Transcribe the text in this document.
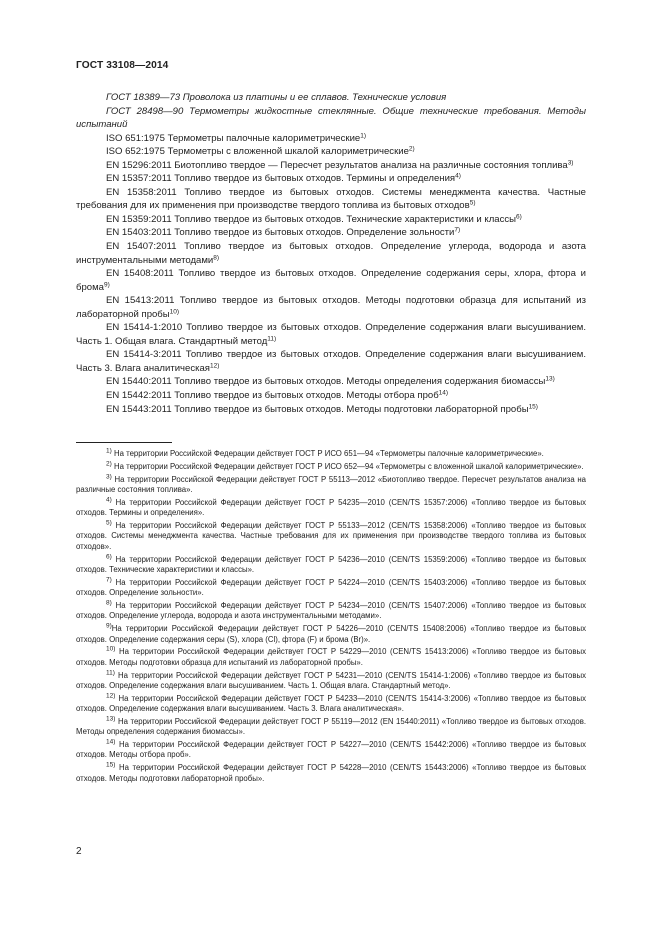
ГОСТ 33108—2014

ГОСТ 18389—73 Проволока из платины и ее сплавов. Технические условия

ГОСТ 28498—90 Термометры жидкостные стеклянные. Общие технические требования. Методы испытаний

ISO 651:1975 Термометры палочные калориметрические$^{1)}$

ISO 652:1975 Термометры с вложенной шкалой калориметрические$^{2)}$

EN 15296:2011 Биотопливо твердое — Пересчет результатов анализа на различные состояния топлива$^{3)}$

EN 15357:2011 Топливо твердое из бытовых отходов. Термины и определения$^{4)}$

EN 15358:2011 Топливо твердое из бытовых отходов. Системы менеджмента качества. Частные требования для их применения при производстве твердого топлива из бытовых отходов$^{5)}$

EN 15359:2011 Топливо твердое из бытовых отходов. Технические характеристики и классы$^{6)}$

EN 15403:2011 Топливо твердое из бытовых отходов. Определение зольности$^{7)}$

EN 15407:2011 Топливо твердое из бытовых отходов. Определение углерода, водорода и азота инструментальными методами$^{8)}$

EN 15408:2011 Топливо твердое из бытовых отходов. Определение содержания серы, хлора, фтора и брома$^{9)}$

EN 15413:2011 Топливо твердое из бытовых отходов. Методы подготовки образца для испытаний из лабораторной пробы$^{10)}$

EN 15414-1:2010 Топливо твердое из бытовых отходов. Определение содержания влаги высушиванием. Часть 1. Общая влага. Стандартный метод$^{11)}$

EN 15414-3:2011 Топливо твердое из бытовых отходов. Определение содержания влаги высушиванием. Часть 3. Влага аналитическая$^{12)}$

EN 15440:2011 Топливо твердое из бытовых отходов. Методы определения содержания биомассы$^{13)}$

EN 15442:2011 Топливо твердое из бытовых отходов. Методы отбора проб$^{14)}$

EN 15443:2011 Топливо твердое из бытовых отходов. Методы подготовки лабораторной пробы$^{15)}$

$^{1)}$ На территории Российской Федерации действует ГОСТ Р ИСО 651—94 «Термометры палочные калориметрические».

$^{2)}$ На территории Российской Федерации действует ГОСТ Р ИСО 652—94 «Термометры с вложенной шкалой калориметрические».

$^{3)}$ На территории Российской Федерации действует ГОСТ Р 55113—2012 «Биотопливо твердое. Пересчет результатов анализа на различные состояния топлива».

$^{4)}$ На территории Российской Федерации действует ГОСТ Р 54235—2010 (CEN/TS 15357:2006) «Топливо твердое из бытовых отходов. Термины и определения».

$^{5)}$ На территории Российской Федерации действует ГОСТ Р 55133—2012 (CEN/TS 15358:2006) «Топливо твердое из бытовых отходов. Системы менеджмента качества. Частные требования для их применения при производстве твердого топлива из бытовых отходов».

$^{6)}$ На территории Российской Федерации действует ГОСТ Р 54236—2010 (CEN/TS 15359:2006) «Топливо твердое из бытовых отходов. Технические характеристики и классы».

$^{7)}$ На территории Российской Федерации действует ГОСТ Р 54224—2010 (CEN/TS 15403:2006) «Топливо твердое из бытовых отходов. Определение зольности».

$^{8)}$ На территории Российской Федерации действует ГОСТ Р 54234—2010 (CEN/TS 15407:2006) «Топливо твердое из бытовых отходов. Определение углерода, водорода и азота инструментальными методами».

$^{9)}$На территории Российской Федерации действует ГОСТ Р 54226—2010 (CEN/TS 15408:2006) «Топливо твердое из бытовых отходов. Определение содержания серы (S), хлора (Cl), фтора (F) и брома (Br)».

$^{10)}$ На территории Российской Федерации действует ГОСТ Р 54229—2010 (CEN/TS 15413:2006) «Топливо твердое из бытовых отходов. Методы подготовки образца для испытаний из лабораторной пробы».

$^{11)}$ На территории Российской Федерации действует ГОСТ Р 54231—2010 (CEN/TS 15414-1:2006) «Топливо твердое из бытовых отходов. Определение содержания влаги высушиванием. Часть 1. Общая влага. Стандартный метод».

$^{12)}$ На территории Российской Федерации действует ГОСТ Р 54233—2010 (CEN/TS 15414-3:2006) «Топливо твердое из бытовых отходов. Определение содержания влаги высушиванием. Часть 3. Влага аналитическая».

$^{13)}$ На территории Российской Федерации действует ГОСТ Р 55119—2012 (EN 15440:2011) «Топливо твердое из бытовых отходов. Методы определения содержания биомассы».

$^{14)}$ На территории Российской Федерации действует ГОСТ Р 54227—2010 (CEN/TS 15442:2006) «Топливо твердое из бытовых отходов. Методы отбора проб».

$^{15)}$ На территории Российской Федерации действует ГОСТ Р 54228—2010 (CEN/TS 15443:2006) «Топливо твердое из бытовых отходов. Методы подготовки лабораторной пробы».

2
